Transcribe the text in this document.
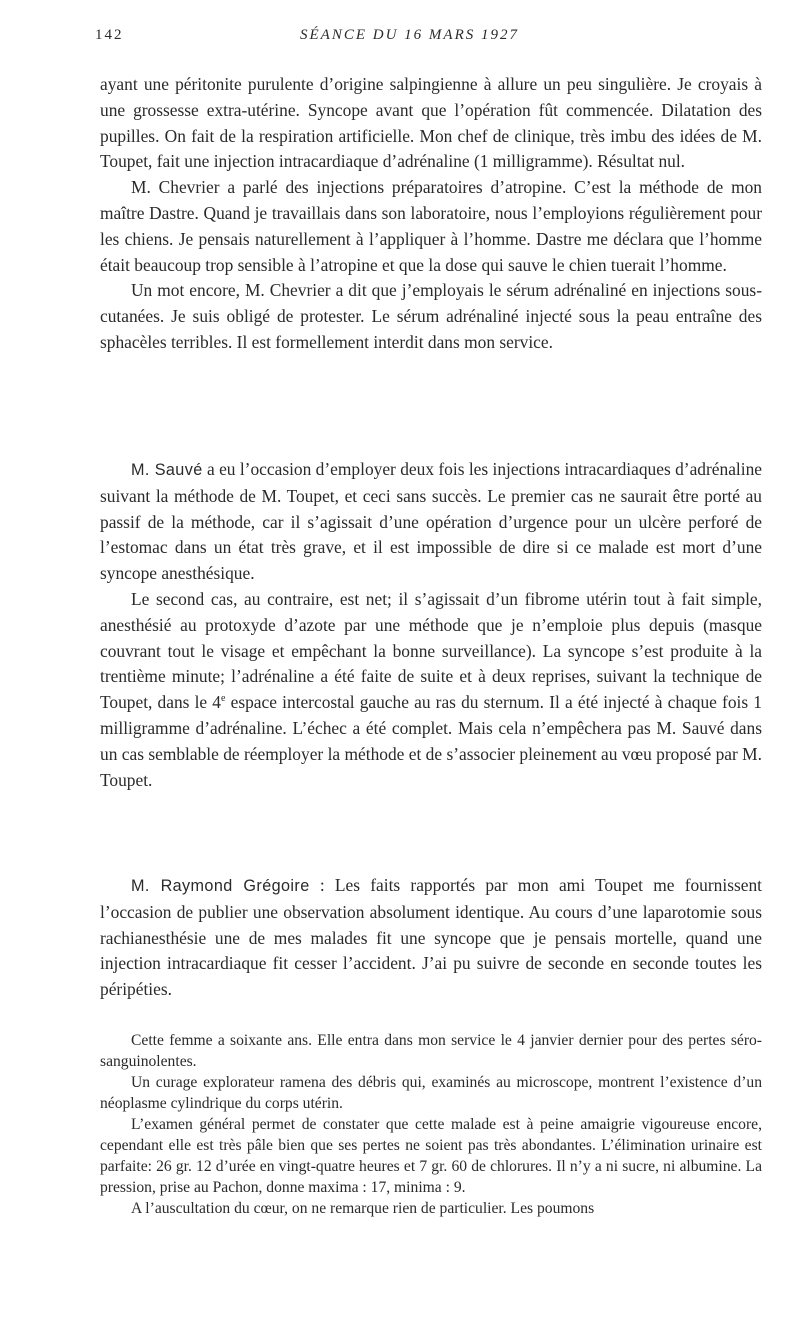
142	SÉANCE DU 16 MARS 1927

ayant une péritonite purulente d’origine salpingienne à allure un peu singulière. Je croyais à une grossesse extra-utérine. Syncope avant que l’opération fût commencée. Dilatation des pupilles. On fait de la respiration artificielle. Mon chef de clinique, très imbu des idées de M. Toupet, fait une injection intracardiaque d’adrénaline (1 milligramme). Résultat nul.

M. Chevrier a parlé des injections préparatoires d’atropine. C’est la méthode de mon maître Dastre. Quand je travaillais dans son laboratoire, nous l’employions régulièrement pour les chiens. Je pensais naturellement à l’appliquer à l’homme. Dastre me déclara que l’homme était beaucoup trop sensible à l’atropine et que la dose qui sauve le chien tuerait l’homme.

Un mot encore, M. Chevrier a dit que j’employais le sérum adrénaliné en injections sous-cutanées. Je suis obligé de protester. Le sérum adrénaliné injecté sous la peau entraîne des sphacèles terribles. Il est formellement interdit dans mon service.

M. Sauvé a eu l’occasion d’employer deux fois les injections intracardiaques d’adrénaline suivant la méthode de M. Toupet, et ceci sans succès. Le premier cas ne saurait être porté au passif de la méthode, car il s’agissait d’une opération d’urgence pour un ulcère perforé de l’estomac dans un état très grave, et il est impossible de dire si ce malade est mort d’une syncope anesthésique.

Le second cas, au contraire, est net; il s’agissait d’un fibrome utérin tout à fait simple, anesthésié au protoxyde d’azote par une méthode que je n’emploie plus depuis (masque couvrant tout le visage et empêchant la bonne surveillance). La syncope s’est produite à la trentième minute; l’adrénaline a été faite de suite et à deux reprises, suivant la technique de Toupet, dans le 4e espace intercostal gauche au ras du sternum. Il a été injecté à chaque fois 1 milligramme d’adrénaline. L’échec a été complet. Mais cela n’empêchera pas M. Sauvé dans un cas semblable de réemployer la méthode et de s’associer pleinement au vœu proposé par M. Toupet.

M. Raymond Grégoire : Les faits rapportés par mon ami Toupet me fournissent l’occasion de publier une observation absolument identique. Au cours d’une laparotomie sous rachianesthésie une de mes malades fit une syncope que je pensais mortelle, quand une injection intracardiaque fit cesser l’accident. J’ai pu suivre de seconde en seconde toutes les péripéties.

Cette femme a soixante ans. Elle entra dans mon service le 4 janvier dernier pour des pertes séro-sanguinolentes.

Un curage explorateur ramena des débris qui, examinés au microscope, montrent l’existence d’un néoplasme cylindrique du corps utérin.

L’examen général permet de constater que cette malade est à peine amaigrie vigoureuse encore, cependant elle est très pâle bien que ses pertes ne soient pas très abondantes. L’élimination urinaire est parfaite: 26 gr. 12 d’urée en vingt-quatre heures et 7 gr. 60 de chlorures. Il n’y a ni sucre, ni albumine. La pression, prise au Pachon, donne maxima : 17, minima : 9.

A l’auscultation du cœur, on ne remarque rien de particulier. Les poumons
